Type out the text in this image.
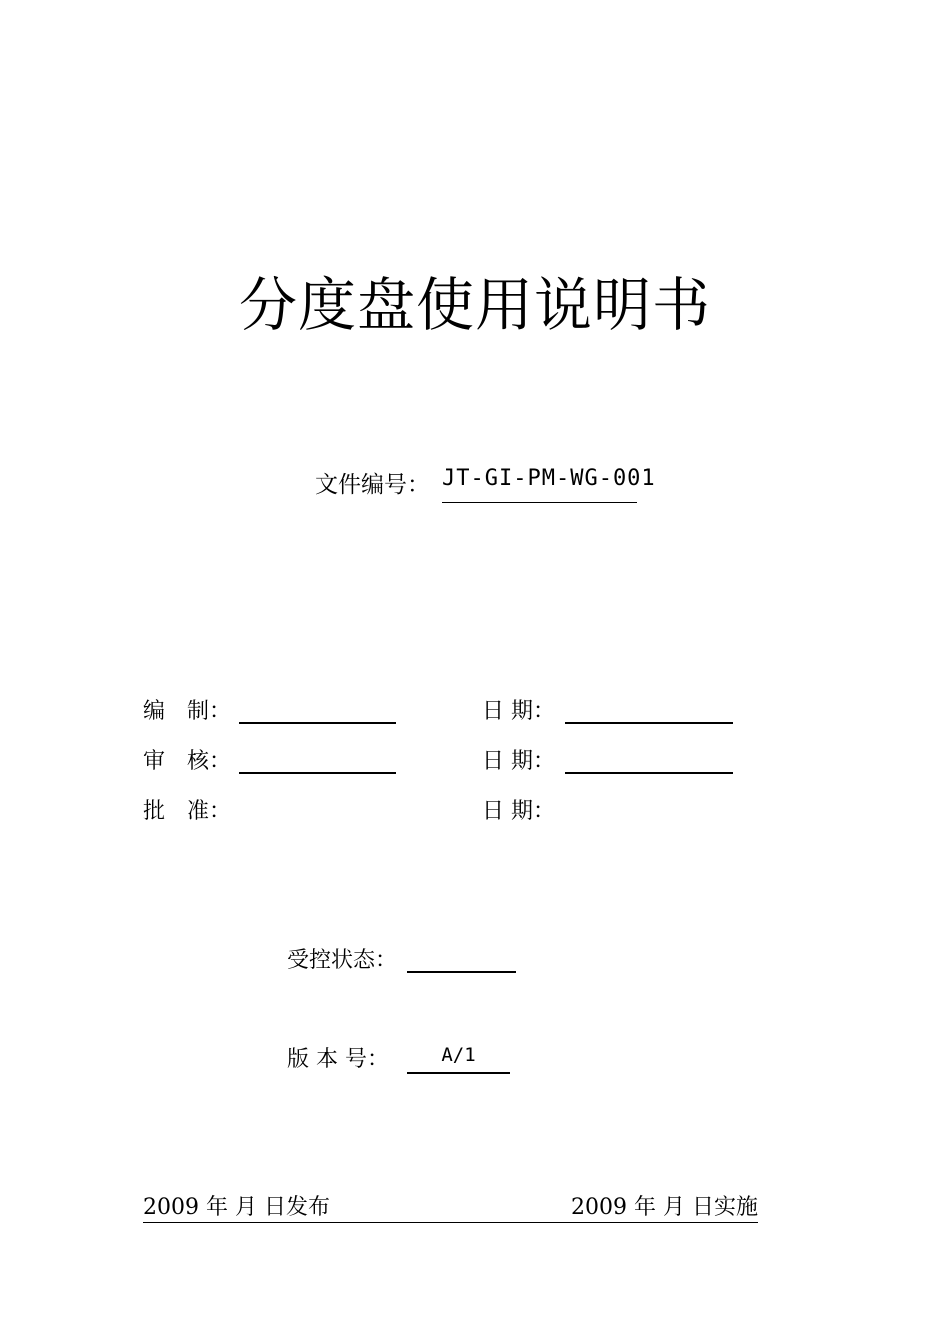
分度盘使用说明书
文件编号： JT-GI-PM-WG-001
编　制：	日 期：
审　核：	日 期：
批　准：	日 期：
受控状态：
版 本 号：	A/1
2009 年 月 日发布	2009 年 月 日实施
